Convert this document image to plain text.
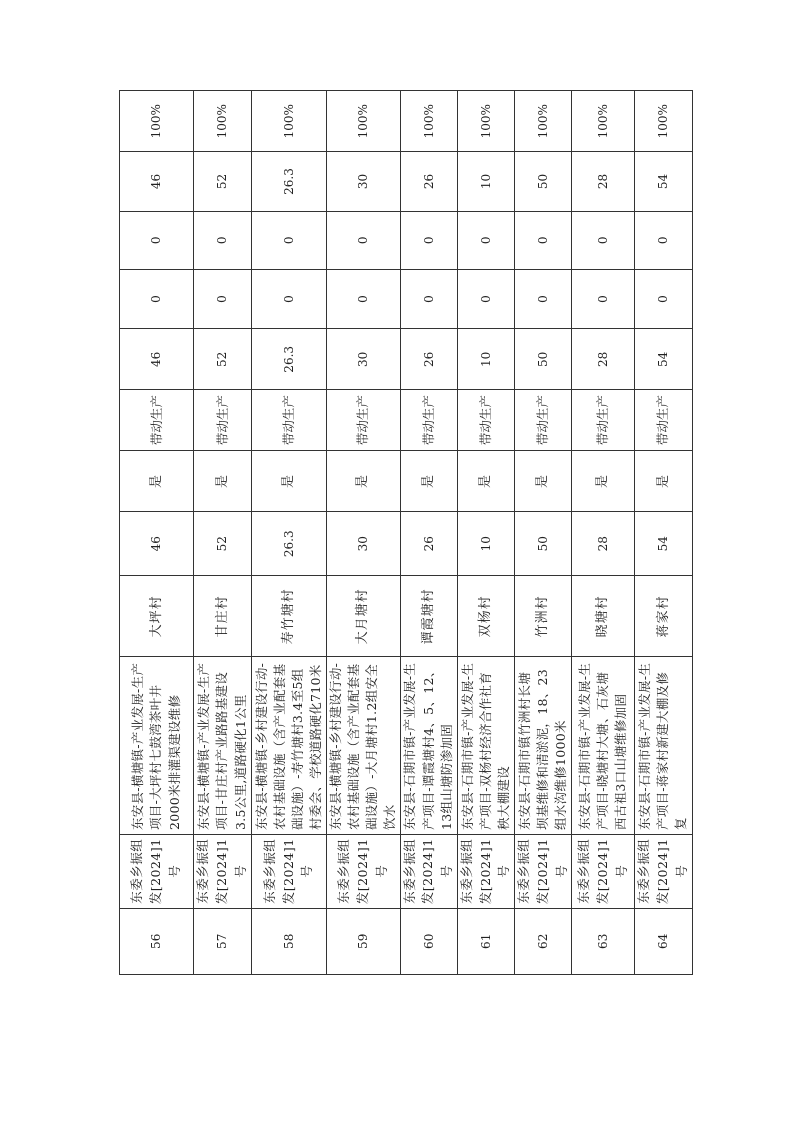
56	东委乡振组发[2024]1号	东安县-横塘镇-产业发展-生产项目-大坪村七鼓湾茶叶井2000米排灌渠建设维修	大坪村	46	是	带动生产	46	0	0	46	100%
57	东委乡振组发[2024]1号	东安县-横塘镇-产业发展-生产项目-甘庄村产业路路基建设3.5公里,道路硬化1公里	甘庄村	52	是	带动生产	52	0	0	52	100%
58	东委乡振组发[2024]1号	东安县-横塘镇-乡村建设行动-农村基础设施（含产业配套基础设施）-寿竹塘村3.4至5组村委会、学校道路硬化710米	寿竹塘村	26.3	是	带动生产	26.3	0	0	26.3	100%
59	东委乡振组发[2024]1号	东安县-横塘镇-乡村建设行动-农村基础设施（含产业配套基础设施）-大月塘村1.2组安全饮水	大月塘村	30	是	带动生产	30	0	0	30	100%
60	东委乡振组发[2024]1号	东安县-石期市镇-产业发展-生产项目-谭霞塘村4、5、12、13组山塘防渗加固	谭霞塘村	26	是	带动生产	26	0	0	26	100%
61	东委乡振组发[2024]1号	东安县-石期市镇-产业发展-生产项目-双杨村经济合作社育秧大棚建设	双杨村	10	是	带动生产	10	0	0	10	100%
62	东委乡振组发[2024]1号	东安县-石期市镇竹洲村长塘坝基维修和清淤泥，18、23组水沟维修1000米	竹洲村	50	是	带动生产	50	0	0	50	100%
63	东委乡振组发[2024]1号	东安县-石期市镇-产业发展-生产项目-晓塘村大塘、石灰塘西古祖3口山塘维修加固	晓塘村	28	是	带动生产	28	0	0	28	100%
64	东委乡振组发[2024]1号	东安县-石期市镇-产业发展-生产项目-蒋家村新建大棚及修复	蒋家村	54	是	带动生产	54	0	0	54	100%
